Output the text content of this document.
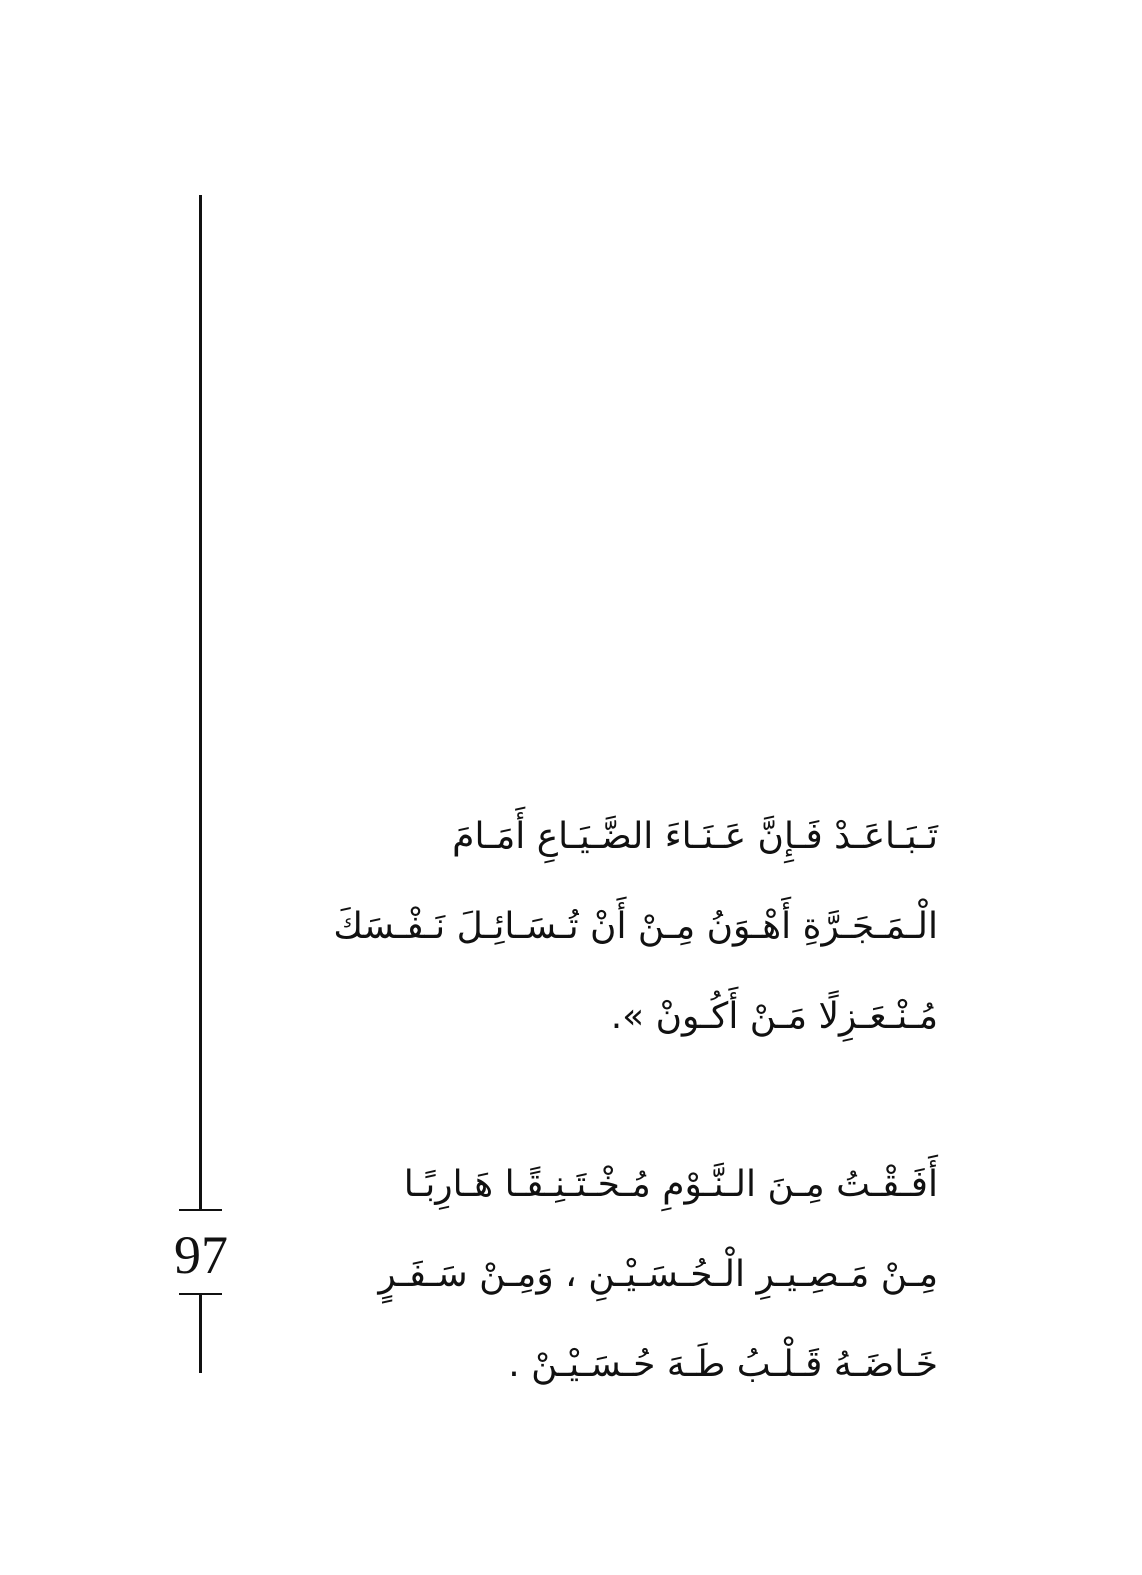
97
تَـبَـاعَـدْ فَـإِنَّ عَـنَـاءَ الضَّـيَـاعِ أَمَـامَ
الْـمَـجَـرَّةِ أَهْـوَنُ مِـنْ أَنْ تُـسَـائِـلَ نَـفْـسَكَ
مُـنْـعَـزِلًا مَـنْ أَكُـونْ ».
أَفَـقْـتُ مِـنَ الـنَّـوْمِ مُـخْـتَـنِـقًـا هَـارِبًـا
مِـنْ مَـصِـيـرِ الْـحُـسَـيْـنِ ، وَمِـنْ سَـفَـرٍ
خَـاضَـهُ قَـلْـبُ طَـهَ حُـسَـيْـنْ .
